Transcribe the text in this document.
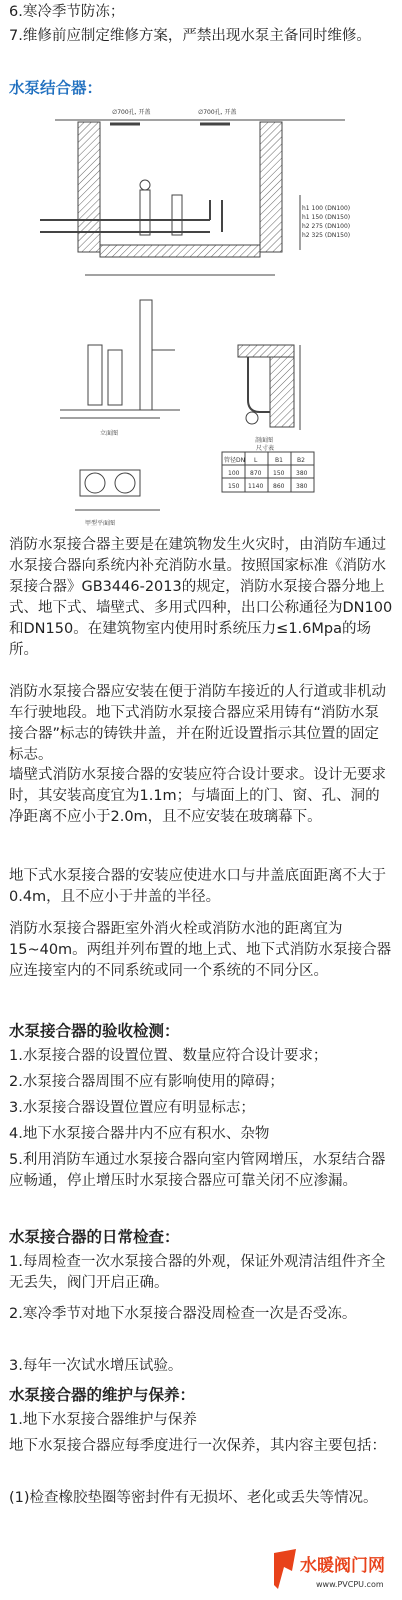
6.寒冷季节防冻；

7.维修前应制定维修方案，严禁出现水泵主备同时维修。

水泵结合器：

∅700孔, 开盖	∅700孔, 开盖
h1 100 (DN100)
h1 150 (DN150)
h2 275 (DN100)
h2 325 (DN150)
立面图
剖面图
甲型平面图
尺寸表
管径DN L	B1 B2
100 870 150 380
150 1140 860 380

消防水泵接合器主要是在建筑物发生火灾时，由消防车通过水泵接合器向系统内补充消防水量。按照国家标准《消防水泵接合器》GB3446-2013的规定，消防水泵接合器分地上式、地下式、墙壁式、多用式四种，出口公称通径为DN100和DN150。在建筑物室内使用时系统压力≤1.6Mpa的场所。

消防水泵接合器应安装在便于消防车接近的人行道或非机动车行驶地段。地下式消防水泵接合器应采用铸有“消防水泵接合器”标志的铸铁井盖，并在附近设置指示其位置的固定标志。

墙壁式消防水泵接合器的安装应符合设计要求。设计无要求时，其安装高度宜为1.1m；与墙面上的门、窗、孔、洞的净距离不应小于2.0m，且不应安装在玻璃幕下。

地下式水泵接合器的安装应使进水口与井盖底面距离不大于0.4m，且不应小于井盖的半径。

消防水泵接合器距室外消火栓或消防水池的距离宜为15~40m。两组并列布置的地上式、地下式消防水泵接合器应连接室内的不同系统或同一个系统的不同分区。

水泵接合器的验收检测：

1.水泵接合器的设置位置、数量应符合设计要求；

2.水泵接合器周围不应有影响使用的障碍；

3.水泵接合器设置位置应有明显标志；

4.地下水泵接合器井内不应有积水、杂物

5.利用消防车通过水泵接合器向室内管网增压，水泵结合器应畅通，停止增压时水泵接合器应可靠关闭不应渗漏。

水泵接合器的日常检查：

1.每周检查一次水泵接合器的外观，保证外观清洁组件齐全无丢失，阀门开启正确。

2.寒冷季节对地下水泵接合器没周检查一次是否受冻。

3.每年一次试水增压试验。

水泵接合器的维护与保养：

1.地下水泵接合器维护与保养

地下水泵接合器应每季度进行一次保养，其内容主要包括：

(1)检查橡胶垫圈等密封件有无损坏、老化或丢失等情况。

水暖阀门网
www.PVCPU.com
